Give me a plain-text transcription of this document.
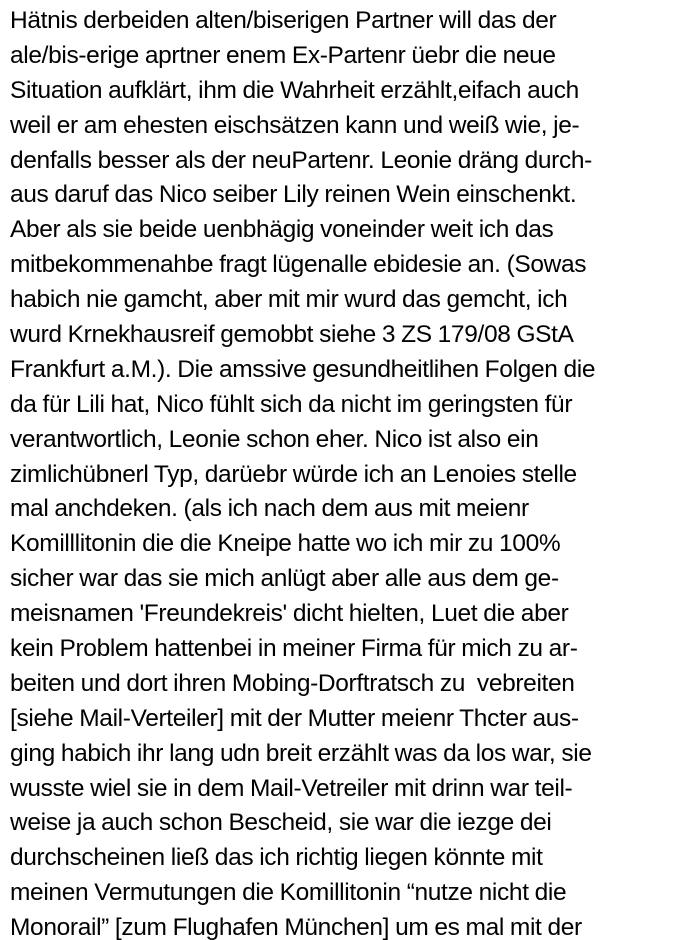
Hätnis derbeiden alten/biserigen Partner will das der
ale/bis-erige aprtner enem Ex-Partenr üebr die neue
Situation aufklärt, ihm die Wahrheit erzählt,eifach auch
weil er am ehesten eischsätzen kann und weiß wie, je-
denfalls besser als der neuPartenr. Leonie dräng durch-
aus daruf das Nico seiber Lily reinen Wein einschenkt.
Aber als sie beide uenbhägig voneinder weit ich das
mitbekommenahbe fragt lügenalle ebidesie an. (Sowas
habich nie gamcht, aber mit mir wurd das gemcht, ich
wurd Krnekhausreif gemobbt siehe 3 ZS 179/08 GStA
Frankfurt a.M.). Die amssive gesundheitlihen Folgen die
da für Lili hat, Nico fühlt sich da nicht im geringsten für
verantwortlich, Leonie schon eher. Nico ist also ein
zimlichübnerl Typ, darüebr würde ich an Lenoies stelle
mal anchdeken. (als ich nach dem aus mit meienr
Komilllitonin die die Kneipe hatte wo ich mir zu 100%
sicher war das sie mich anlügt aber alle aus dem ge-
meisnamen 'Freundekreis' dicht hielten, Luet die aber
kein Problem hattenbei in meiner Firma für mich zu ar-
beiten und dort ihren Mobing-Dorftratsch zu  vebreiten
[siehe Mail-Verteiler] mit der Mutter meienr Thcter aus-
ging habich ihr lang udn breit erzählt was da los war, sie
wusste wiel sie in dem Mail-Vetreiler mit drinn war teil-
weise ja auch schon Bescheid, sie war die iezge dei
durchscheinen ließ das ich richtig liegen könnte mit
meinen Vermutungen die Komillitonin “nutze nicht die
Monorail” [zum Flughafen München] um es mal mit der
